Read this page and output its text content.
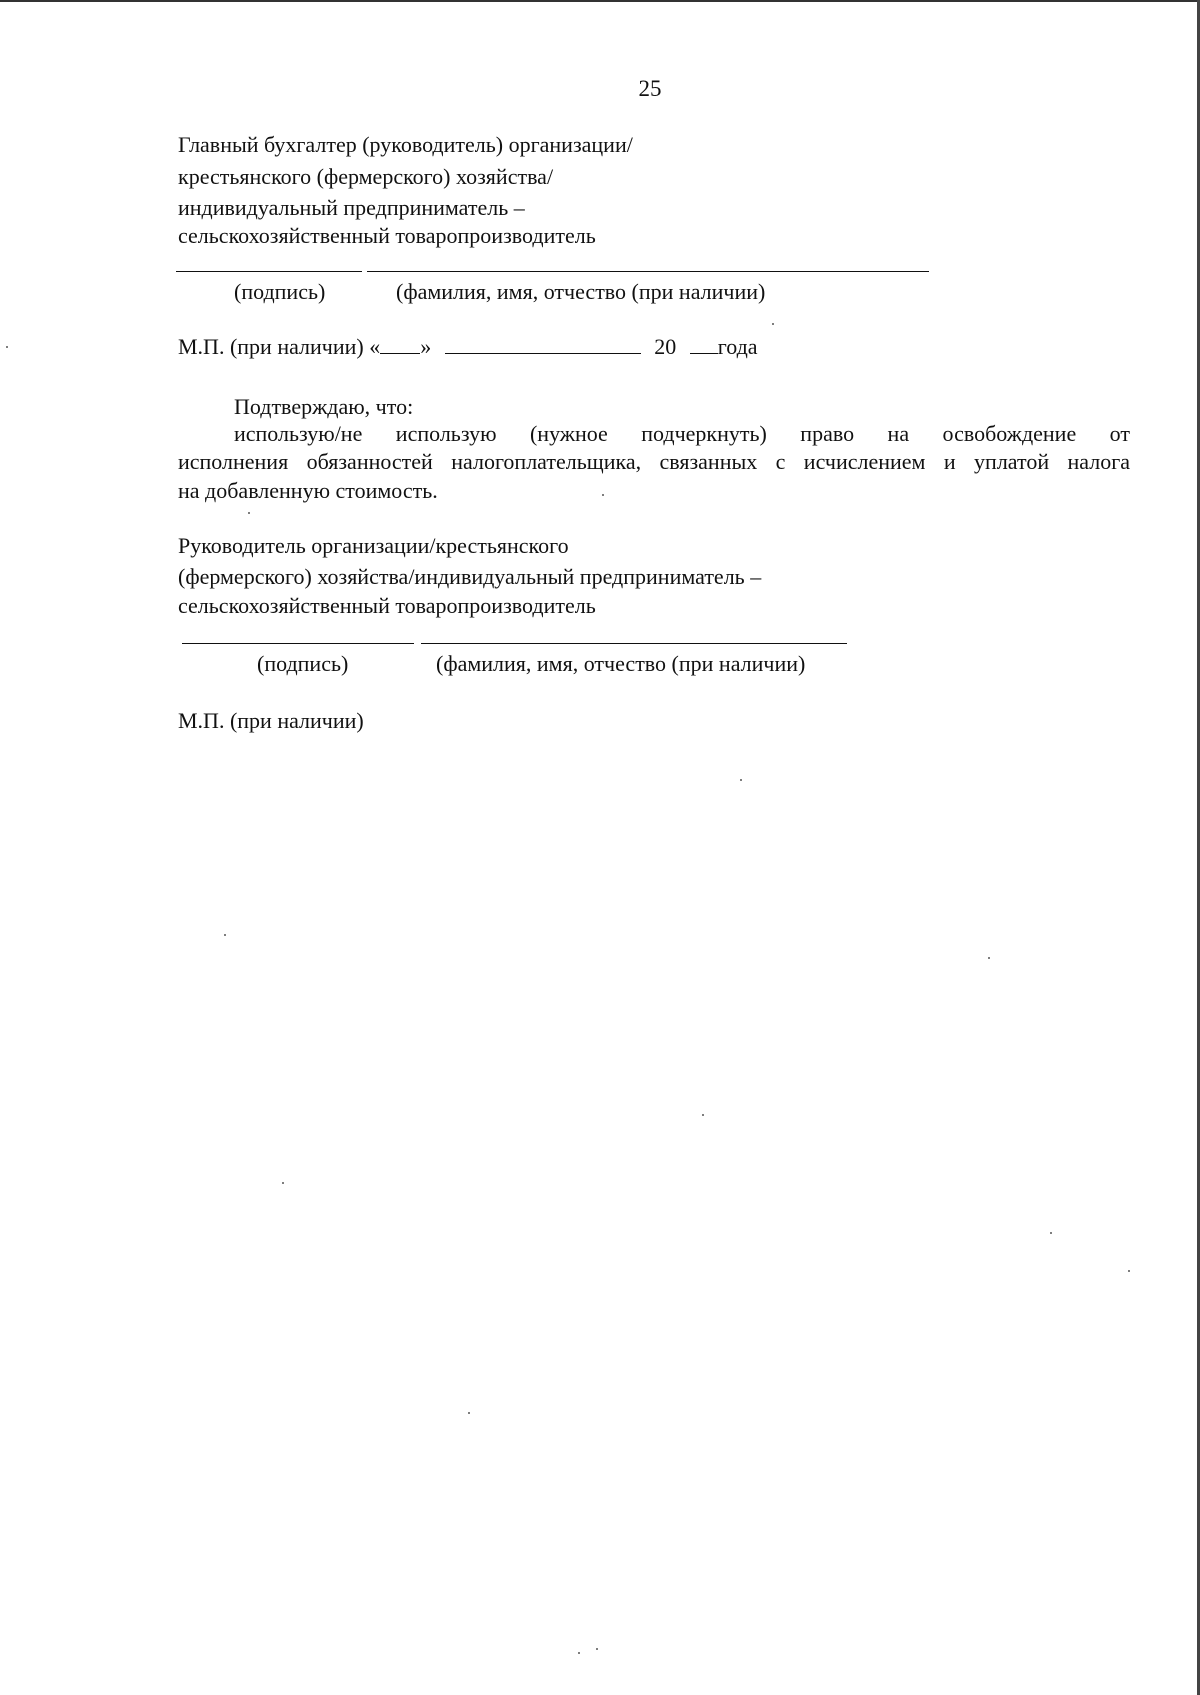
25
Главный бухгалтер (руководитель) организации/
крестьянского (фермерского) хозяйства/
индивидуальный предприниматель –
сельскохозяйственный товаропроизводитель
(подпись)	(фамилия, имя, отчество (при наличии)
М.П. (при наличии) « »	20 года
Подтверждаю, что:
использую/не использую (нужное подчеркнуть) право на освобождение от
исполнения обязанностей налогоплательщика, связанных с исчислением и уплатой налога
на добавленную стоимость.
Руководитель организации/крестьянского
(фермерского) хозяйства/индивидуальный предприниматель –
сельскохозяйственный товаропроизводитель
(подпись)	(фамилия, имя, отчество (при наличии)
М.П. (при наличии)
